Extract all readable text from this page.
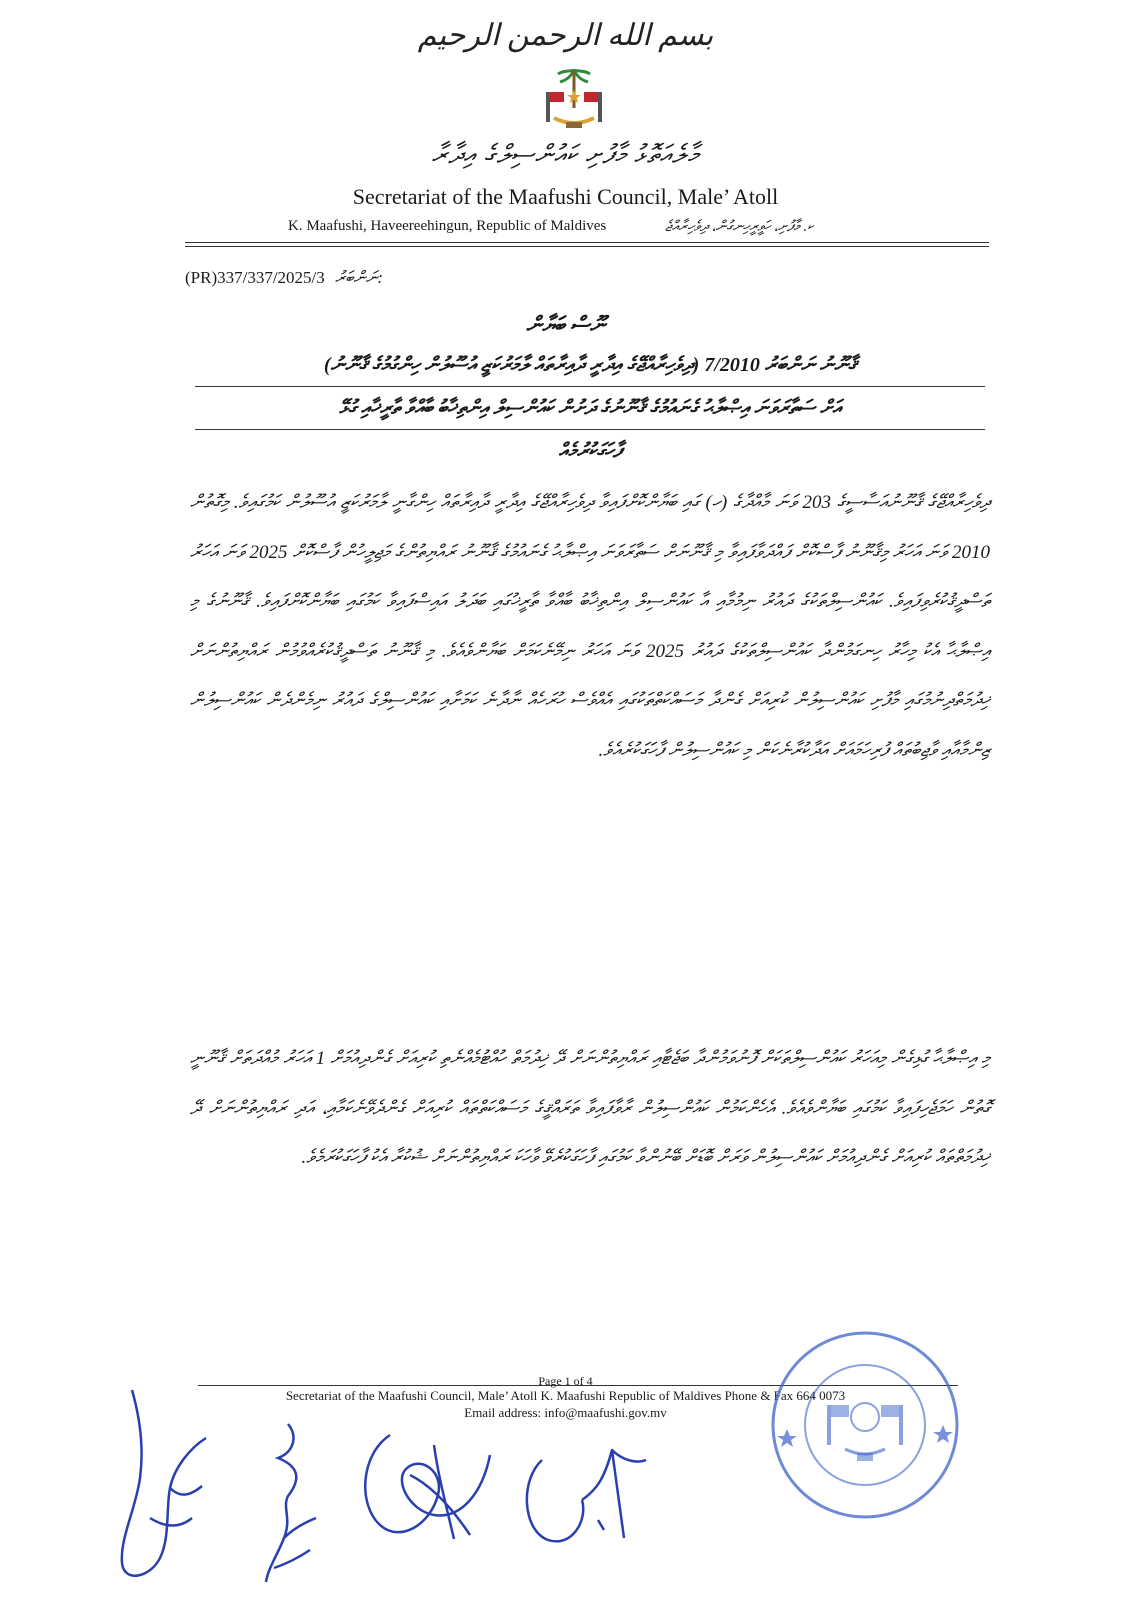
بسم الله الرحمن الرحيم
މާލެއަތޮޅު މާފުށި ކައުންސިލްގެ އިދާރާ
Secretariat of the Maafushi Council, Male’ Atoll
K. Maafushi, Haveereehingun, Republic of Maldives	ކ. މާފުށި، ހަވީރީހިނގުން، ދިވެހިރާއްޖެ
(PR)337/337/2025/3 ނަންބަރު:
ނޫސް ބަޔާން
ޤާނޫނު ނަންބަރު 7/2010 (ދިވެހިރާއްޖޭގެ އިދާރީ ދާއިރާތައް ލާމަރުކަޒީ އުސޫލުން ހިންގުމުގެ ޤާނޫނު)
އަށް ސަތާރަވަނަ އިޞްލާޙު ގެނައުމުގެ ޤާނޫނުގެ ދަށުން ކައުންސިލް އިންތިޚާބު ބާއްވާ ތާރީޚާއި ގުޅޭ
ފާހަގަކުރުމެއް
ދިވެހިރާއްޖޭގެ ޤާނޫނުއަސާސީގެ 203 ވަނަ މާއްދާގެ (ހ) ގައި ބަޔާންކޮށްފައިވާ ދިވެހިރާއްޖޭގެ އިދާރީ ދާއިރާތައް ހިންގާނީ ލާމަރުކަޒީ އުސޫލުން ކަމުގައިވެ. މިގޮތުން 2010 ވަނަ އަހަރު މިޤާނޫނު ފާސްކޮށް ފައްދަވާފައިވާ މި ޤާނޫނަށް ސަތާރަވަނަ އިޞްލާޙު ގެނައުމުގެ ޤާނޫނު ރައްޔިތުންގެ މަޖިލީހުން ފާސްކޮށް 2025 ވަނަ އަހަރު ތަސްދީޤުކުރެވިފައިވެ. ކައުންސިލްތަކުގެ ދައުރު ނިމުމާއި އާ ކައުންސިލް އިންތިޚާބު ބާއްވާ ތާރީޚުގައި ބަދަލު އައިސްފައިވާ ކަމުގައި ބަޔާންކޮށްފައިވެ. ޤާނޫނުގެ މި އިޞްލާޙާ އެކު މިހާރު ހިނގަމުންދާ ކައުންސިލްތަކުގެ ދައުރު 2025 ވަނަ އަހަރު ނިމޭނެކަމަށް ބަޔާންވެއެވެ. މި ޤާނޫނު ތަސްދީޤުކުރެއްވުމުން ރައްޔިތުންނަށް ޚިދުމަތްދިނުމުގައި މާފުށި ކައުންސިލުން ކުރިއަށް ގެންދާ މަސައްކަތްތަކުގައި އެއްވެސް ހުރަހެއް ނާދާނެ ކަމަށާއި ކައުންސިލްގެ ދައުރު ނިމެންދެން ކައުންސިލުން ޒިންމާއާއި ވާޖިބުތައް ފުރިހަމައަށް އަދާކުރާނެކަން މި ކައުންސިލުން ފާހަގަކުރެއެވެ.
މި އިޞްލާޙާ ގުޅިގެން މިއަހަރު ކައުންސިލްތަކަށް ފޮނުވަމުންދާ ބަޖެޓާއި ރައްޔިތުންނަށް ދޭ ޚިދުމަތް ހުއްޓުމެއްނެތި ކުރިއަށް ގެންދިއުމަށް 1 އަހަރު މުއްދަތަށް ޤާނޫނީ ގޮތުން ހަމަޖެހިފައިވާ ކަމުގައި ބަޔާންވެއެވެ. އެހެންކަމުން ކައުންސިލުން ރާވާފައިވާ ތަރައްޤީގެ މަސައްކަތްތައް ކުރިއަށް ގެންދެވޭނެކަމާއި، އަދި ރައްޔިތުންނަށް ދޭ ޚިދުމަތްތައް ކުރިއަށް ގެންދިއުމަށް ކައުންސިލުން ވަރަށް ބޮޑަށް ބޭނުންވާ ކަމުގައި ފާހަގަކުރެވޭ ވާހަކަ ރައްޔިތުންނަށް ޝުކުރާ އެކު ފާހަގަކުރަމެވެ.
Page 1 of 4
Secretariat of the Maafushi Council, Male’ Atoll K. Maafushi Republic of Maldives Phone & Fax 664 0073
Email address: info@maafushi.gov.mv
